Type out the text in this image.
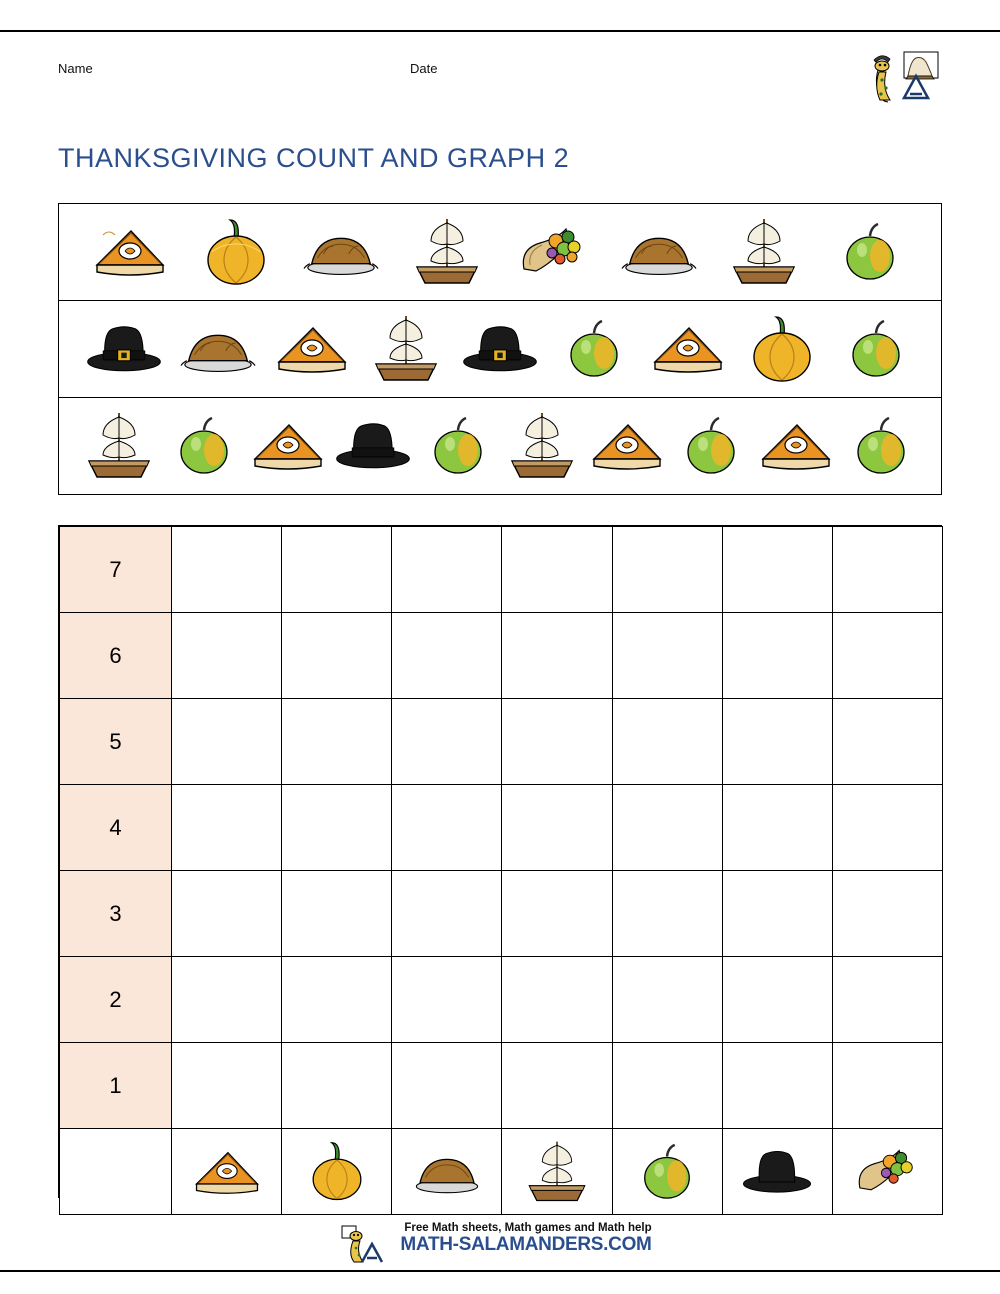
Name	Date
THANKSGIVING COUNT AND GRAPH 2
7							
6							
5							
4							
3							
2							
1							

Free Math sheets, Math games and Math help
MATH-SALAMANDERS.COM
